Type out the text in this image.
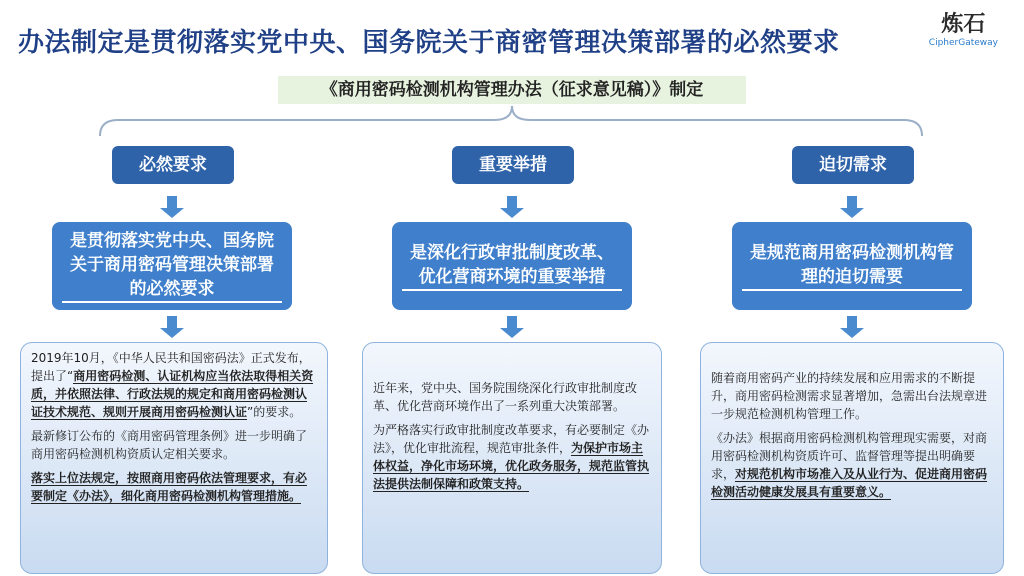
办法制定是贯彻落实党中央、国务院关于商密管理决策部署的必然要求
炼石
CipherGateway
《商用密码检测机构管理办法（征求意见稿）》制定
必然要求
是贯彻落实党中央、国务院关于商用密码管理决策部署的必然要求

2019年10月，《中华人民共和国密码法》正式发布，提出了“商用密码检测、认证机构应当依法取得相关资质，并依照法律、行政法规的规定和商用密码检测认证技术规范、规则开展商用密码检测认证”的要求。

最新修订公布的《商用密码管理条例》进一步明确了商用密码检测机构资质认定相关要求。

落实上位法规定，按照商用密码依法管理要求，有必要制定《办法》，细化商用密码检测机构管理措施。

重要举措
是深化行政审批制度改革、优化营商环境的重要举措

近年来，党中央、国务院围绕深化行政审批制度改革、优化营商环境作出了一系列重大决策部署。

为严格落实行政审批制度改革要求，有必要制定《办法》，优化审批流程，规范审批条件，为保护市场主体权益，净化市场环境，优化政务服务，规范监管执法提供法制保障和政策支持。

迫切需求
是规范商用密码检测机构管理的迫切需要

随着商用密码产业的持续发展和应用需求的不断提升，商用密码检测需求显著增加，急需出台法规章进一步规范检测机构管理工作。

《办法》根据商用密码检测机构管理现实需要，对商用密码检测机构资质许可、监督管理等提出明确要求，对规范机构市场准入及从业行为、促进商用密码检测活动健康发展具有重要意义。
